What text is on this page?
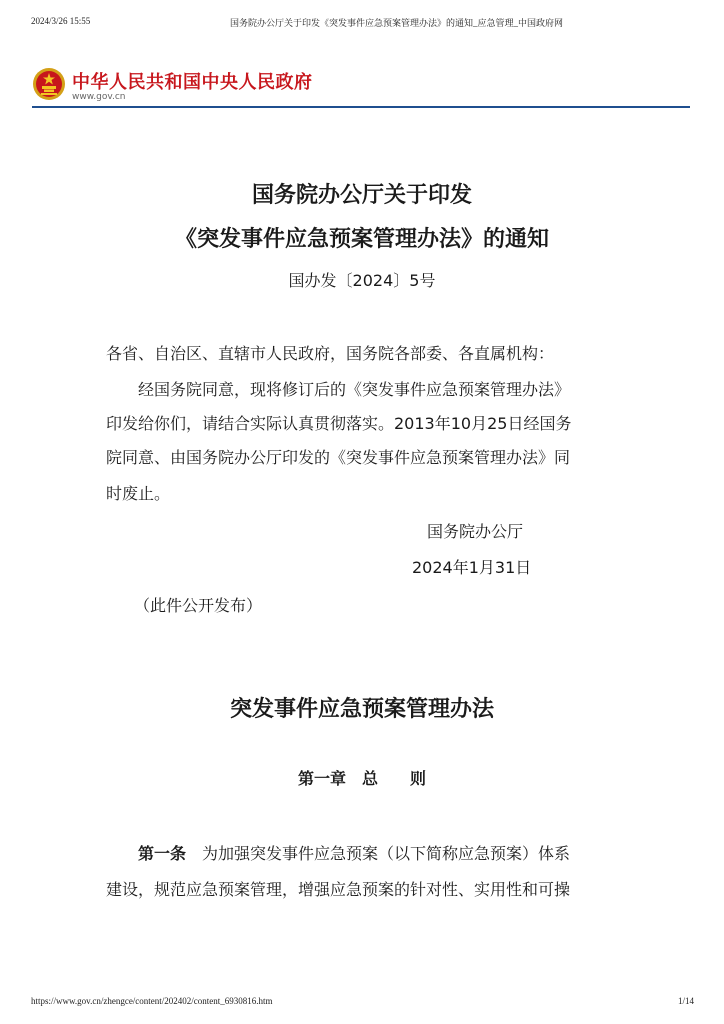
2024/3/26 15:55	国务院办公厅关于印发《突发事件应急预案管理办法》的通知_应急管理_中国政府网
中华人民共和国中央人民政府
www.gov.cn
国务院办公厅关于印发
《突发事件应急预案管理办法》的通知
国办发〔2024〕5号
各省、自治区、直辖市人民政府，国务院各部委、各直属机构：
经国务院同意，现将修订后的《突发事件应急预案管理办法》
印发给你们，请结合实际认真贯彻落实。2013年10月25日经国务
院同意、由国务院办公厅印发的《突发事件应急预案管理办法》同
时废止。
国务院办公厅
2024年1月31日
（此件公开发布）
突发事件应急预案管理办法
第一章　总　　则
第一条　 为加强突发事件应急预案（以下简称应急预案）体系
建设，规范应急预案管理，增强应急预案的针对性、实用性和可操
https://www.gov.cn/zhengce/content/202402/content_6930816.htm	1/14
